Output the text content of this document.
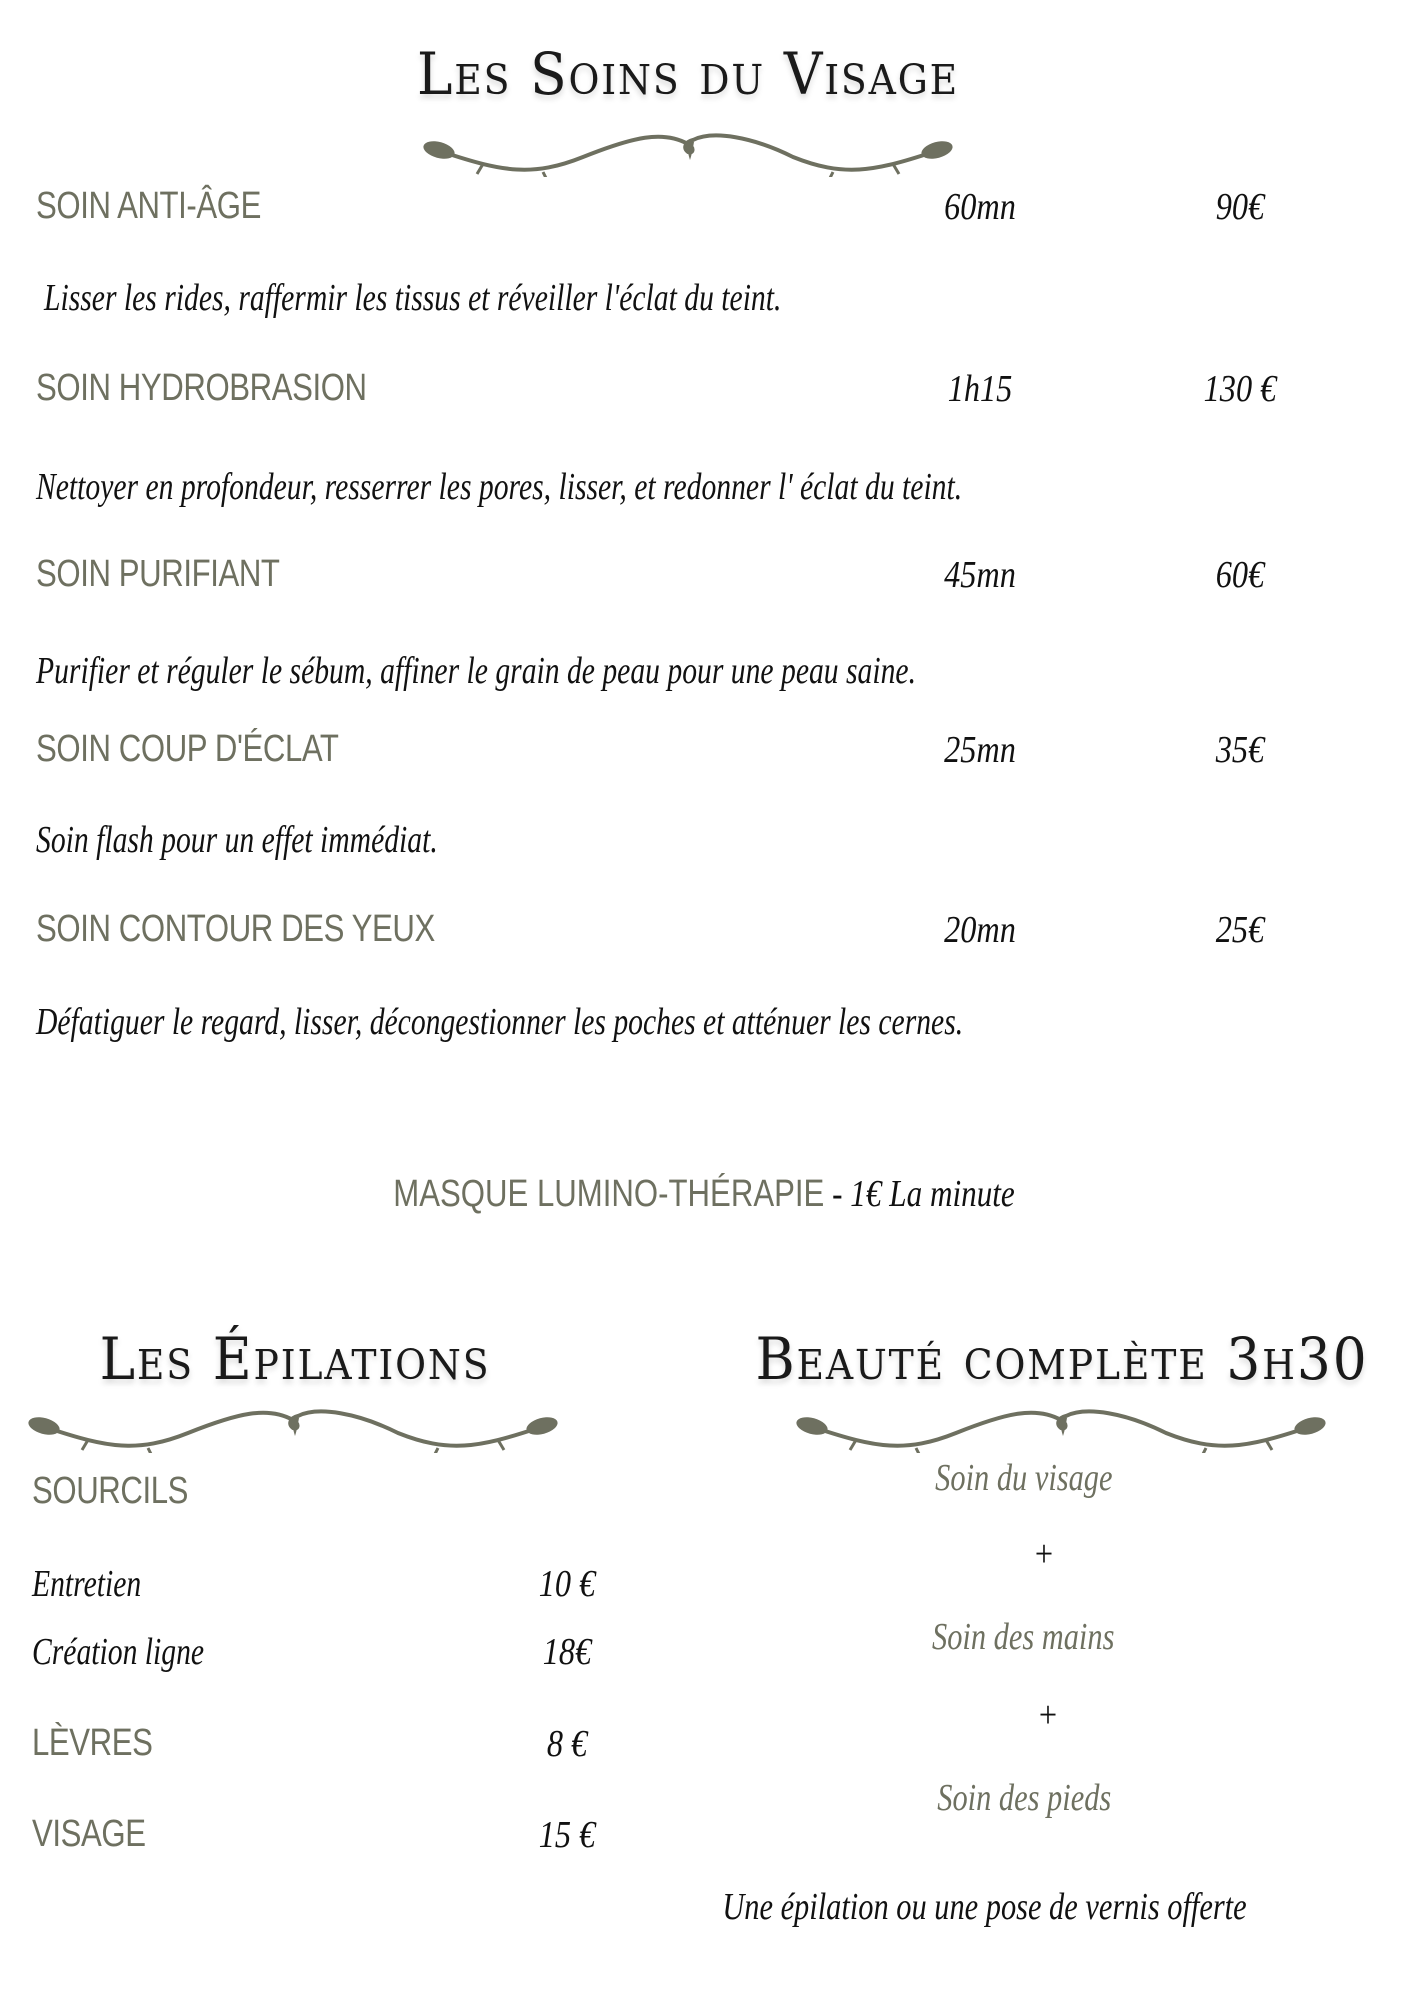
Les Soins du Visage
SOIN ANTI-ÂGE	60mn	90€
Lisser les rides, raffermir les tissus et réveiller l'éclat du teint.
SOIN HYDROBRASION	1h15	130 €
Nettoyer en profondeur, resserrer les pores, lisser, et redonner l' éclat du teint.
SOIN PURIFIANT	45mn	60€
Purifier et réguler le sébum, affiner le grain de peau pour une peau saine.
SOIN COUP D'ÉCLAT	25mn	35€
Soin flash pour un effet immédiat.
SOIN CONTOUR DES YEUX	20mn	25€
Défatiguer le regard, lisser, décongestionner les poches et atténuer les cernes.
MASQUE LUMINO-THÉRAPIE - 1€ La minute
Les Épilations
SOURCILS
Entretien	10 €
Création ligne	18€
LÈVRES	8 €
VISAGE	15 €
Beauté complète 3h30
Soin du visage
+
Soin des mains
+
Soin des pieds
Une épilation ou une pose de vernis offerte
